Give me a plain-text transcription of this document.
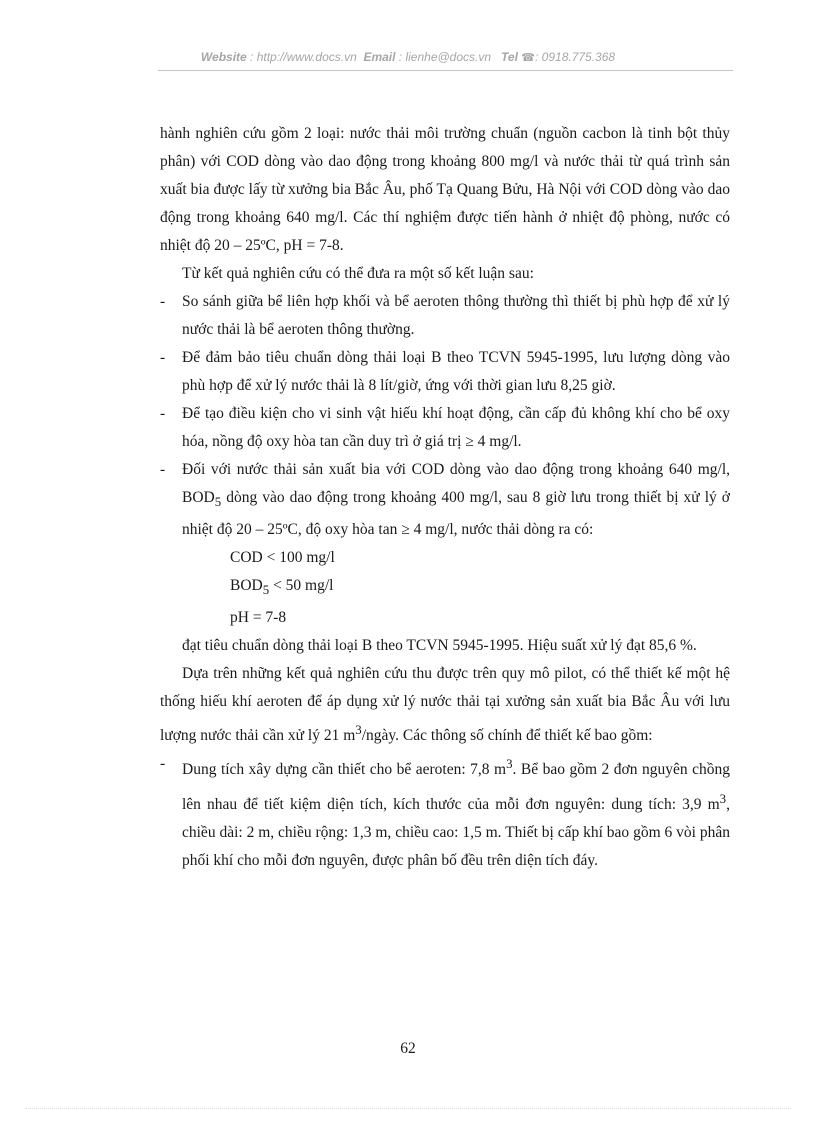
Website : http://www.docs.vn Email : lienhe@docs.vn Tel ☎: 0918.775.368

hành nghiên cứu gồm 2 loại: nước thải môi trường chuẩn (nguồn cacbon là tinh bột thủy phân) với COD dòng vào dao động trong khoảng 800 mg/l và nước thải từ quá trình sản xuất bia được lấy từ xưởng bia Bắc Âu, phố Tạ Quang Bửu, Hà Nội với COD dòng vào dao động trong khoảng 640 mg/l. Các thí nghiệm được tiến hành ở nhiệt độ phòng, nước có nhiệt độ 20 – 25ºC, pH = 7-8.

Từ kết quả nghiên cứu có thể đưa ra một số kết luận sau:

- So sánh giữa bể liên hợp khối và bể aeroten thông thường thì thiết bị phù hợp để xử lý nước thải là bể aeroten thông thường.

- Để đảm bảo tiêu chuẩn dòng thải loại B theo TCVN 5945-1995, lưu lượng dòng vào phù hợp để xử lý nước thải là 8 lít/giờ, ứng với thời gian lưu 8,25 giờ.

- Để tạo điều kiện cho vi sinh vật hiếu khí hoạt động, cần cấp đủ không khí cho bể oxy hóa, nồng độ oxy hòa tan cần duy trì ở giá trị ≥ 4 mg/l.

- Đối với nước thải sản xuất bia với COD dòng vào dao động trong khoảng 640 mg/l, $BOD_5$ dòng vào dao động trong khoảng 400 mg/l, sau 8 giờ lưu trong thiết bị xử lý ở nhiệt độ 20 – 25ºC, độ oxy hòa tan ≥ 4 mg/l, nước thải dòng ra có:

COD < 100 mg/l

$BOD_5 < 50$ mg/l

pH = 7-8

đạt tiêu chuẩn dòng thải loại B theo TCVN 5945-1995. Hiệu suất xử lý đạt 85,6 %.

Dựa trên những kết quả nghiên cứu thu được trên quy mô pilot, có thể thiết kế một hệ thống hiếu khí aeroten để áp dụng xử lý nước thải tại xưởng sản xuất bia Bắc Âu với lưu lượng nước thải cần xử lý 21 $m^3$/ngày. Các thông số chính để thiết kế bao gồm:

- Dung tích xây dựng cần thiết cho bể aeroten: 7,8 $m^3$. Bể bao gồm 2 đơn nguyên chồng lên nhau để tiết kiệm diện tích, kích thước của mỗi đơn nguyên: dung tích: 3,9 $m^3$, chiều dài: 2 m, chiều rộng: 1,3 m, chiều cao: 1,5 m. Thiết bị cấp khí bao gồm 6 vòi phân phối khí cho mỗi đơn nguyên, được phân bố đều trên diện tích đáy.

62
